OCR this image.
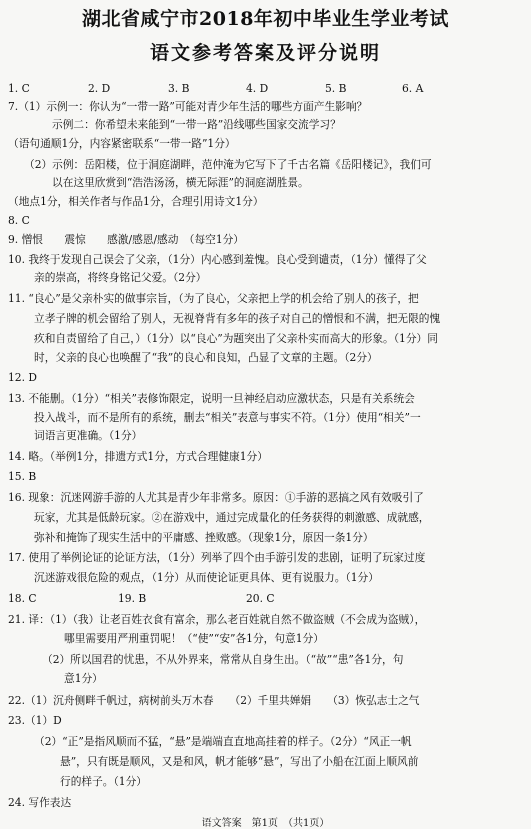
湖北省咸宁市2018年初中毕业生学业考试
语文参考答案及评分说明
1. C	2. D	3. B	4. D	5. B	6. A
7.（1）示例一：你认为“一带一路”可能对青少年生活的哪些方面产生影响？
示例二：你希望未来能到“一带一路”沿线哪些国家交流学习？
（语句通顺1分，内容紧密联系“一带一路”1分）
（2）示例：岳阳楼，位于洞庭湖畔，范仲淹为它写下了千古名篇《岳阳楼记》，我们可
以在这里欣赏到“浩浩汤汤，横无际涯”的洞庭湖胜景。
（地点1分，相关作者与作品1分，合理引用诗文1分）
8. C
9. 憎恨　　震惊　　感激/感恩/感动　（每空1分）
10. 我终于发现自己误会了父亲，（1分）内心感到羞愧。良心受到谴责，（1分）懂得了父
亲的崇高，将终身铭记父爱。（2分）
11. “良心”是父亲朴实的做事宗旨，（为了良心，父亲把上学的机会给了别人的孩子，把
立孝子牌的机会留给了别人，无视脊背有多年的孩子对自己的憎恨和不满，把无限的愧
疚和自责留给了自己，）（1分）以“良心”为题突出了父亲朴实而高大的形象。（1分）同
时，父亲的良心也唤醒了“我”的良心和良知，凸显了文章的主题。（2分）
12. D
13. 不能删。（1分）“相关”表修饰限定，说明一旦神经启动应激状态，只是有关系统会
投入战斗，而不是所有的系统，删去“相关”表意与事实不符。（1分）使用“相关”一
词语言更准确。（1分）
14. 略。（举例1分，排遗方式1分，方式合理健康1分）
15. B
16. 现象：沉迷网游手游的人尤其是青少年非常多。原因：①手游的恶搞之风有效吸引了
玩家，尤其是低龄玩家。②在游戏中，通过完成量化的任务获得的刺激感、成就感，
弥补和掩饰了现实生活中的平庸感、挫败感。（现象1分，原因一条1分）
17. 使用了举例论证的论证方法，（1分）列举了四个由手游引发的悲剧，证明了玩家过度
沉迷游戏很危险的观点，（1分）从而使论证更具体、更有说服力。（1分）
18. C	19. B	20. C
21. 译：（1）（我）让老百姓衣食有富余，那么老百姓就自然不做盗贼（不会成为盗贼），
哪里需要用严刑重罚呢！（“使”“安”各1分，句意1分）
（2）所以国君的忧患，不从外界来，常常从自身生出。（“故”“患”各1分，句
意1分）
22.（1）沉舟侧畔千帆过，病树前头万木春　　（2）千里共婵娟　　（3）恢弘志士之气
23.（1）D
（2）“正”是指风顺而不猛，“悬”是端端直直地高挂着的样子。（2分）“风正一帆
悬”，只有既是顺风，又是和风，帆才能够“悬”，写出了小船在江面上顺风前
行的样子。（1分）
24. 写作表达
语文答案　第1页　（共1页）
